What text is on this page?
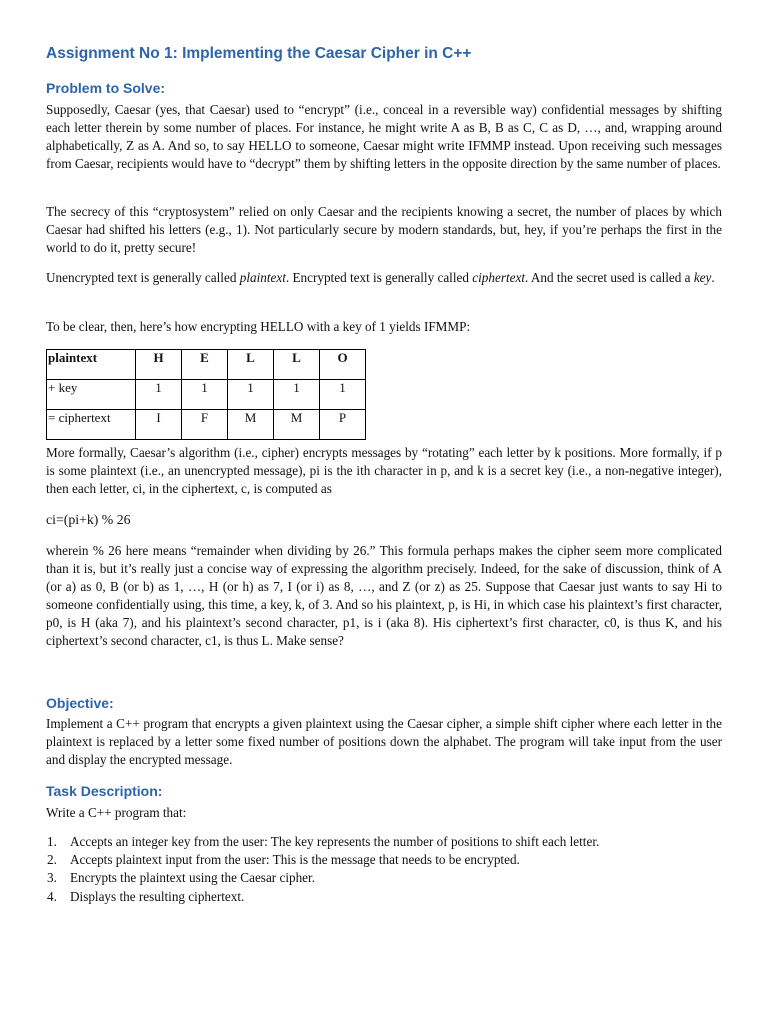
Assignment No 1: Implementing the Caesar Cipher in C++
Problem to Solve:

Supposedly, Caesar (yes, that Caesar) used to “encrypt” (i.e., conceal in a reversible way) confidential messages by shifting each letter therein by some number of places. For instance, he might write A as B, B as C, C as D, …, and, wrapping around alphabetically, Z as A. And so, to say HELLO to someone, Caesar might write IFMMP instead. Upon receiving such messages from Caesar, recipients would have to “decrypt” them by shifting letters in the opposite direction by the same number of places.

The secrecy of this “cryptosystem” relied on only Caesar and the recipients knowing a secret, the number of places by which Caesar had shifted his letters (e.g., 1). Not particularly secure by modern standards, but, hey, if you’re perhaps the first in the world to do it, pretty secure!

Unencrypted text is generally called plaintext. Encrypted text is generally called ciphertext. And the secret used is called a key.

To be clear, then, here’s how encrypting HELLO with a key of 1 yields IFMMP:

plaintext	H	E	L	L	O
+ key	1	1	1	1	1
= ciphertext	I	F	M	M	P

More formally, Caesar’s algorithm (i.e., cipher) encrypts messages by “rotating” each letter by k positions. More formally, if p is some plaintext (i.e., an unencrypted message), pi is the ith character in p, and k is a secret key (i.e., a non-negative integer), then each letter, ci, in the ciphertext, c, is computed as

ci=(pi+k) % 26

wherein % 26 here means “remainder when dividing by 26.” This formula perhaps makes the cipher seem more complicated than it is, but it’s really just a concise way of expressing the algorithm precisely. Indeed, for the sake of discussion, think of A (or a) as 0, B (or b) as 1, …, H (or h) as 7, I (or i) as 8, …, and Z (or z) as 25. Suppose that Caesar just wants to say Hi to someone confidentially using, this time, a key, k, of 3. And so his plaintext, p, is Hi, in which case his plaintext’s first character, p0, is H (aka 7), and his plaintext’s second character, p1, is i (aka 8). His ciphertext’s first character, c0, is thus K, and his ciphertext’s second character, c1, is thus L. Make sense?

Objective:

Implement a C++ program that encrypts a given plaintext using the Caesar cipher, a simple shift cipher where each letter in the plaintext is replaced by a letter some fixed number of positions down the alphabet. The program will take input from the user and display the encrypted message.

Task Description:

Write a C++ program that:

1. Accepts an integer key from the user: The key represents the number of positions to shift each letter.
2. Accepts plaintext input from the user: This is the message that needs to be encrypted.
3. Encrypts the plaintext using the Caesar cipher.
4. Displays the resulting ciphertext.
